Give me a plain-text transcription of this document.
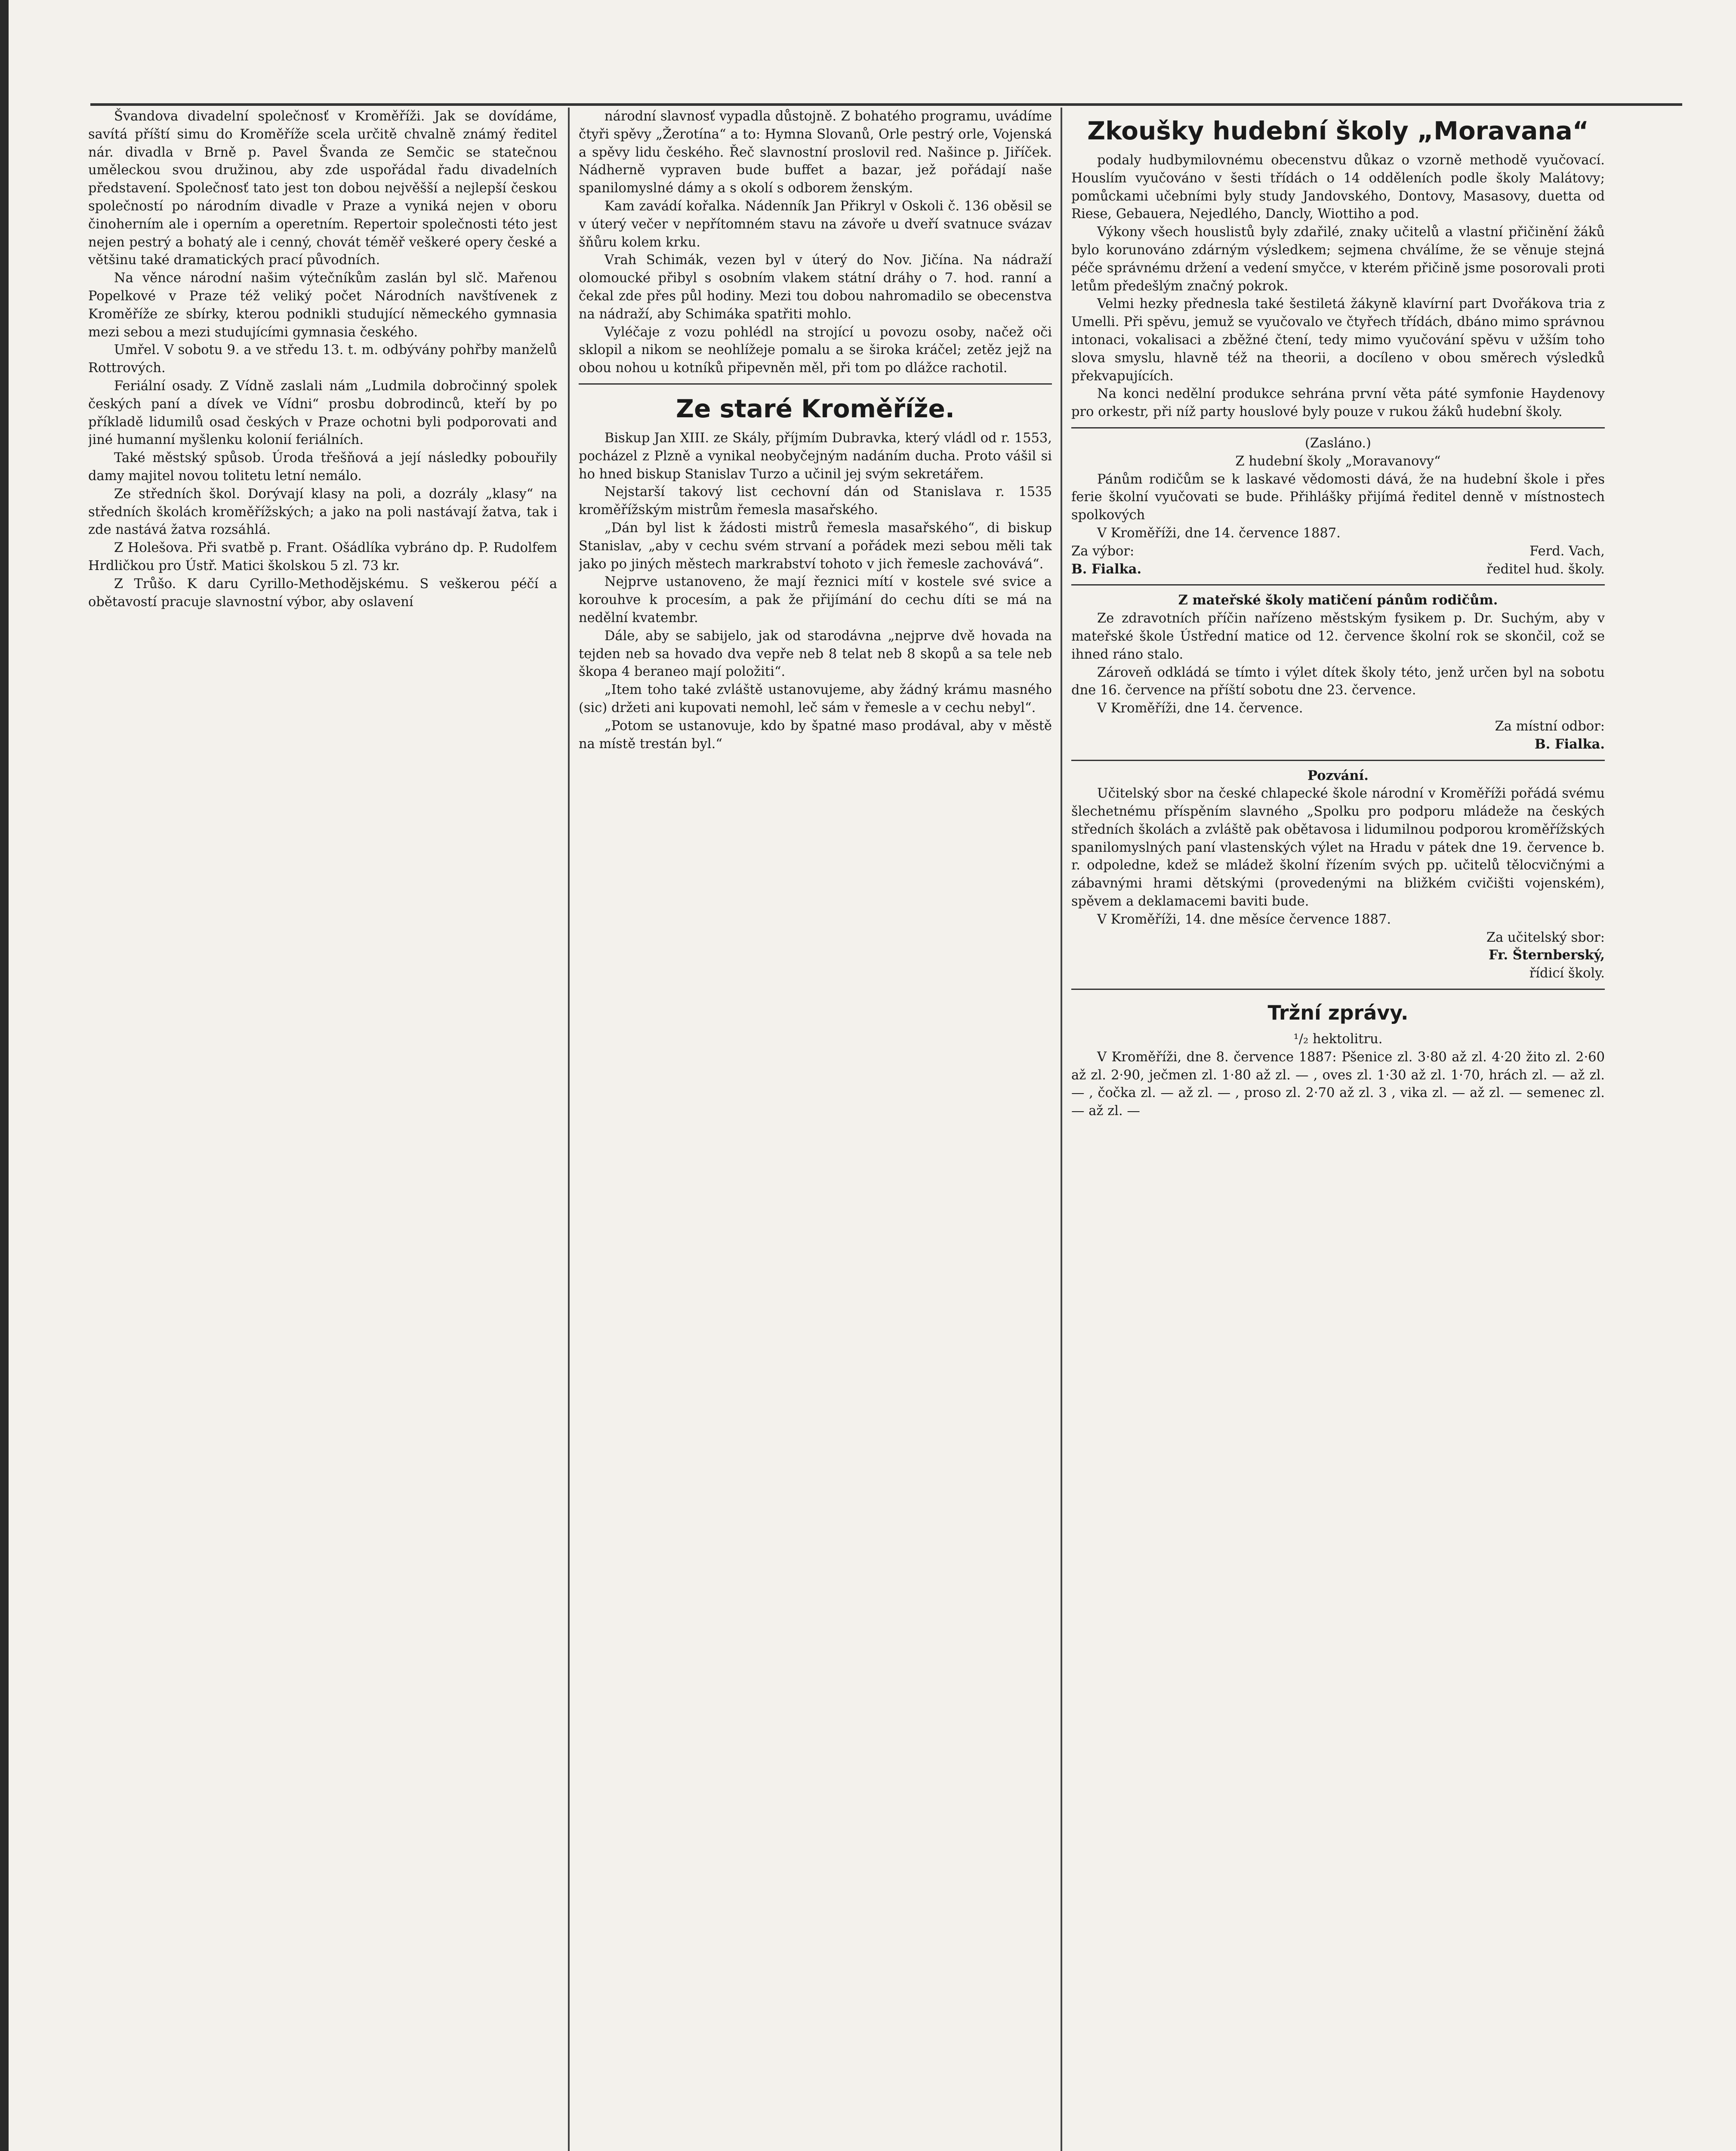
Švandova divadelní společnosť v Kroměříži. Jak se dovídáme, savítá příští simu do Kroměříže scela určitě chvalně známý ředitel nár. divadla v Brně p. Pavel Švanda ze Semčic se statečnou uměleckou svou družinou, aby zde uspořádal řadu divadelních představení. Společnosť tato jest ton dobou nejvěšší a nejlepší českou společností po národním divadle v Praze a vyniká nejen v oboru činoherním ale i operním a operetním. Repertoir společnosti této jest nejen pestrý a bohatý ale i cenný, chovát téměř veškeré opery české a většinu také dramatických prací původních.

Na věnce národní našim výtečníkům zaslán byl slč. Mařenou Popelkové v Praze též veliký počet Národních navštívenek z Kroměříže ze sbírky, kterou podnikli studující německého gymnasia mezi sebou a mezi studujícími gymnasia českého.

Umřel. V sobotu 9. a ve středu 13. t. m. odbývány pohřby manželů Rottrových.

Feriální osady. Z Vídně zaslali nám „Ludmila dobročinný spolek českých paní a dívek ve Vídni“ prosbu dobrodinců, kteří by po příkladě lidumilů osad českých v Praze ochotni byli podporovati and jiné humanní myšlenku kolonií feriálních.

Také městský spůsob. Úroda třešňová a její následky pobouřily damy majitel novou tolitetu letní nemálo.

Ze středních škol. Dorývají klasy na poli, a dozrály „klasy“ na středních školách kroměřížských; a jako na poli nastávají žatva, tak i zde nastává žatva rozsáhlá.

Z Holešova. Při svatbě p. Frant. Ošádlíka vybráno dp. P. Rudolfem Hrdličkou pro Ústř. Matici školskou 5 zl. 73 kr.

Z Trůšo. K daru Cyrillo-Methodějskému. S veškerou péčí a obětavostí pracuje slavnostní výbor, aby oslavení

národní slavnosť vypadla důstojně. Z bohatého programu, uvádíme čtyři spěvy „Žerotína“ a to: Hymna Slovanů, Orle pestrý orle, Vojenská a spěvy lidu českého. Řeč slavnostní proslovil red. Našince p. Jiříček. Nádherně vypraven bude buffet a bazar, jež pořádají naše spanilomyslné dámy a s okolí s odborem ženským.

Kam zavádí kořalka. Nádenník Jan Přikryl v Oskoli č. 136 oběsil se v úterý večer v nepřítomném stavu na závoře u dveří svatnuce svázav šňůru kolem krku.

Vrah Schimák, vezen byl v úterý do Nov. Jičína. Na nádraží olomoucké přibyl s osobním vlakem státní dráhy o 7. hod. ranní a čekal zde přes půl hodiny. Mezi tou dobou nahromadilo se obecenstva na nádraží, aby Schimáka spatřiti mohlo.

Vyléčaje z vozu pohlédl na strojící u povozu osoby, načež oči sklopil a nikom se neohlížeje pomalu a se široka kráčel; zetěz jejž na obou nohou u kotníků připevněn měl, při tom po dlážce rachotil.

Ze staré Kroměříže.

Biskup Jan XIII. ze Skály, příjmím Dubravka, který vládl od r. 1553, pocházel z Plzně a vynikal neobyčejným nadáním ducha. Proto vášil si ho hned biskup Stanislav Turzo a učinil jej svým sekretářem.

Nejstarší takový list cechovní dán od Stanislava r. 1535 kroměřížským mistrům řemesla masařského.

„Dán byl list k žádosti mistrů řemesla masařského“, di biskup Stanislav, „aby v cechu svém strvaní a pořádek mezi sebou měli tak jako po jiných městech markrabství tohoto v jich řemesle zachovává“.

Nejprve ustanoveno, že mají řeznici mítí v kostele své svice a korouhve k procesím, a pak že přijímání do cechu díti se má na nedělní kvatembr.

Dále, aby se sabijelo, jak od starodávna „nejprve dvě hovada na tejden neb sa hovado dva vepře neb 8 telat neb 8 skopů a sa tele neb škopa 4 beraneo mají položiti“.

„Item toho také zvláště ustanovujeme, aby žádný krámu masného (sic) držeti ani kupovati nemohl, leč sám v řemesle a v cechu nebyl“.

„Potom se ustanovuje, kdo by špatné maso prodával, aby v městě na místě trestán byl.“

Zkoušky hudební školy „Moravana“

podaly hudbymilovnému obecenstvu důkaz o vzorně methodě vyučovací. Houslím vyučováno v šesti třídách o 14 odděleních podle školy Malátovy; pomůckami učebními byly study Jandovského, Dontovy, Masasovy, duetta od Riese, Gebauera, Nejedlého, Dancly, Wiottiho a pod.

Výkony všech houslistů byly zdařilé, znaky učitelů a vlastní přičinění žáků bylo korunováno zdárným výsledkem; sejmena chválíme, že se věnuje stejná péče správnému držení a vedení smyčce, v kterém přičině jsme posorovali proti letům předešlým značný pokrok.

Velmi hezky přednesla také šestiletá žákyně klavírní part Dvořákova tria z Umelli. Při spěvu, jemuž se vyučovalo ve čtyřech třídách, dbáno mimo správnou intonaci, vokalisaci a zběžné čtení, tedy mimo vyučování spěvu v užším toho slova smyslu, hlavně též na theorii, a docíleno v obou směrech výsledků překvapujících.

Na konci nedělní produkce sehrána první věta páté symfonie Haydenovy pro orkestr, při níž party houslové byly pouze v rukou žáků hudební školy.

(Zasláno.)

Z hudební školy „Moravanovy“

Pánům rodičům se k laskavé vědomosti dává, že na hudební škole i přes ferie školní vyučovati se bude. Přihlášky přijímá ředitel denně v místnostech spolkových

V Kroměříži, dne 14. července 1887.

Za výbor:
B. Fialka.
Ferd. Vach,
ředitel hud. školy.

Z mateřské školy matičení pánům rodičům.

Ze zdravotních příčin nařízeno městským fysikem p. Dr. Suchým, aby v mateřské škole Ústřední matice od 12. července školní rok se skončil, což se ihned ráno stalo.

Zároveň odkládá se tímto i výlet dítek školy této, jenž určen byl na sobotu dne 16. července na příští sobotu dne 23. července.

V Kroměříži, dne 14. července.

Za místní odbor:

B. Fialka.

Pozvání.

Učitelský sbor na české chlapecké škole národní v Kroměříži pořádá svému šlechetnému příspěním slavného „Spolku pro podporu mládeže na českých středních školách a zvláště pak obětavosa i lidumilnou podporou kroměřížských spanilomyslných paní vlastenských výlet na Hradu v pátek dne 19. července b. r. odpoledne, kdež se mládež školní řízením svých pp. učitelů tělocvičnými a zábavnými hrami dětskými (provedenými na bližkém cvičišti vojenském), spěvem a deklamacemi baviti bude.

V Kroměříži, 14. dne měsíce července 1887.

Za učitelský sbor:

Fr. Šternberský,

řídicí školy.

Tržní zprávy.

¹/₂ hektolitru.

V Kroměříži, dne 8. července 1887: Pšenice zl. 3·80 až zl. 4·20 žito zl. 2·60 až zl. 2·90, ječmen zl. 1·80 až zl. — , oves zl. 1·30 až zl. 1·70, hrách zl. — až zl. — , čočka zl. — až zl. — , proso zl. 2·70 až zl. 3 , vika zl. — až zl. — semenec zl. — až zl. —
